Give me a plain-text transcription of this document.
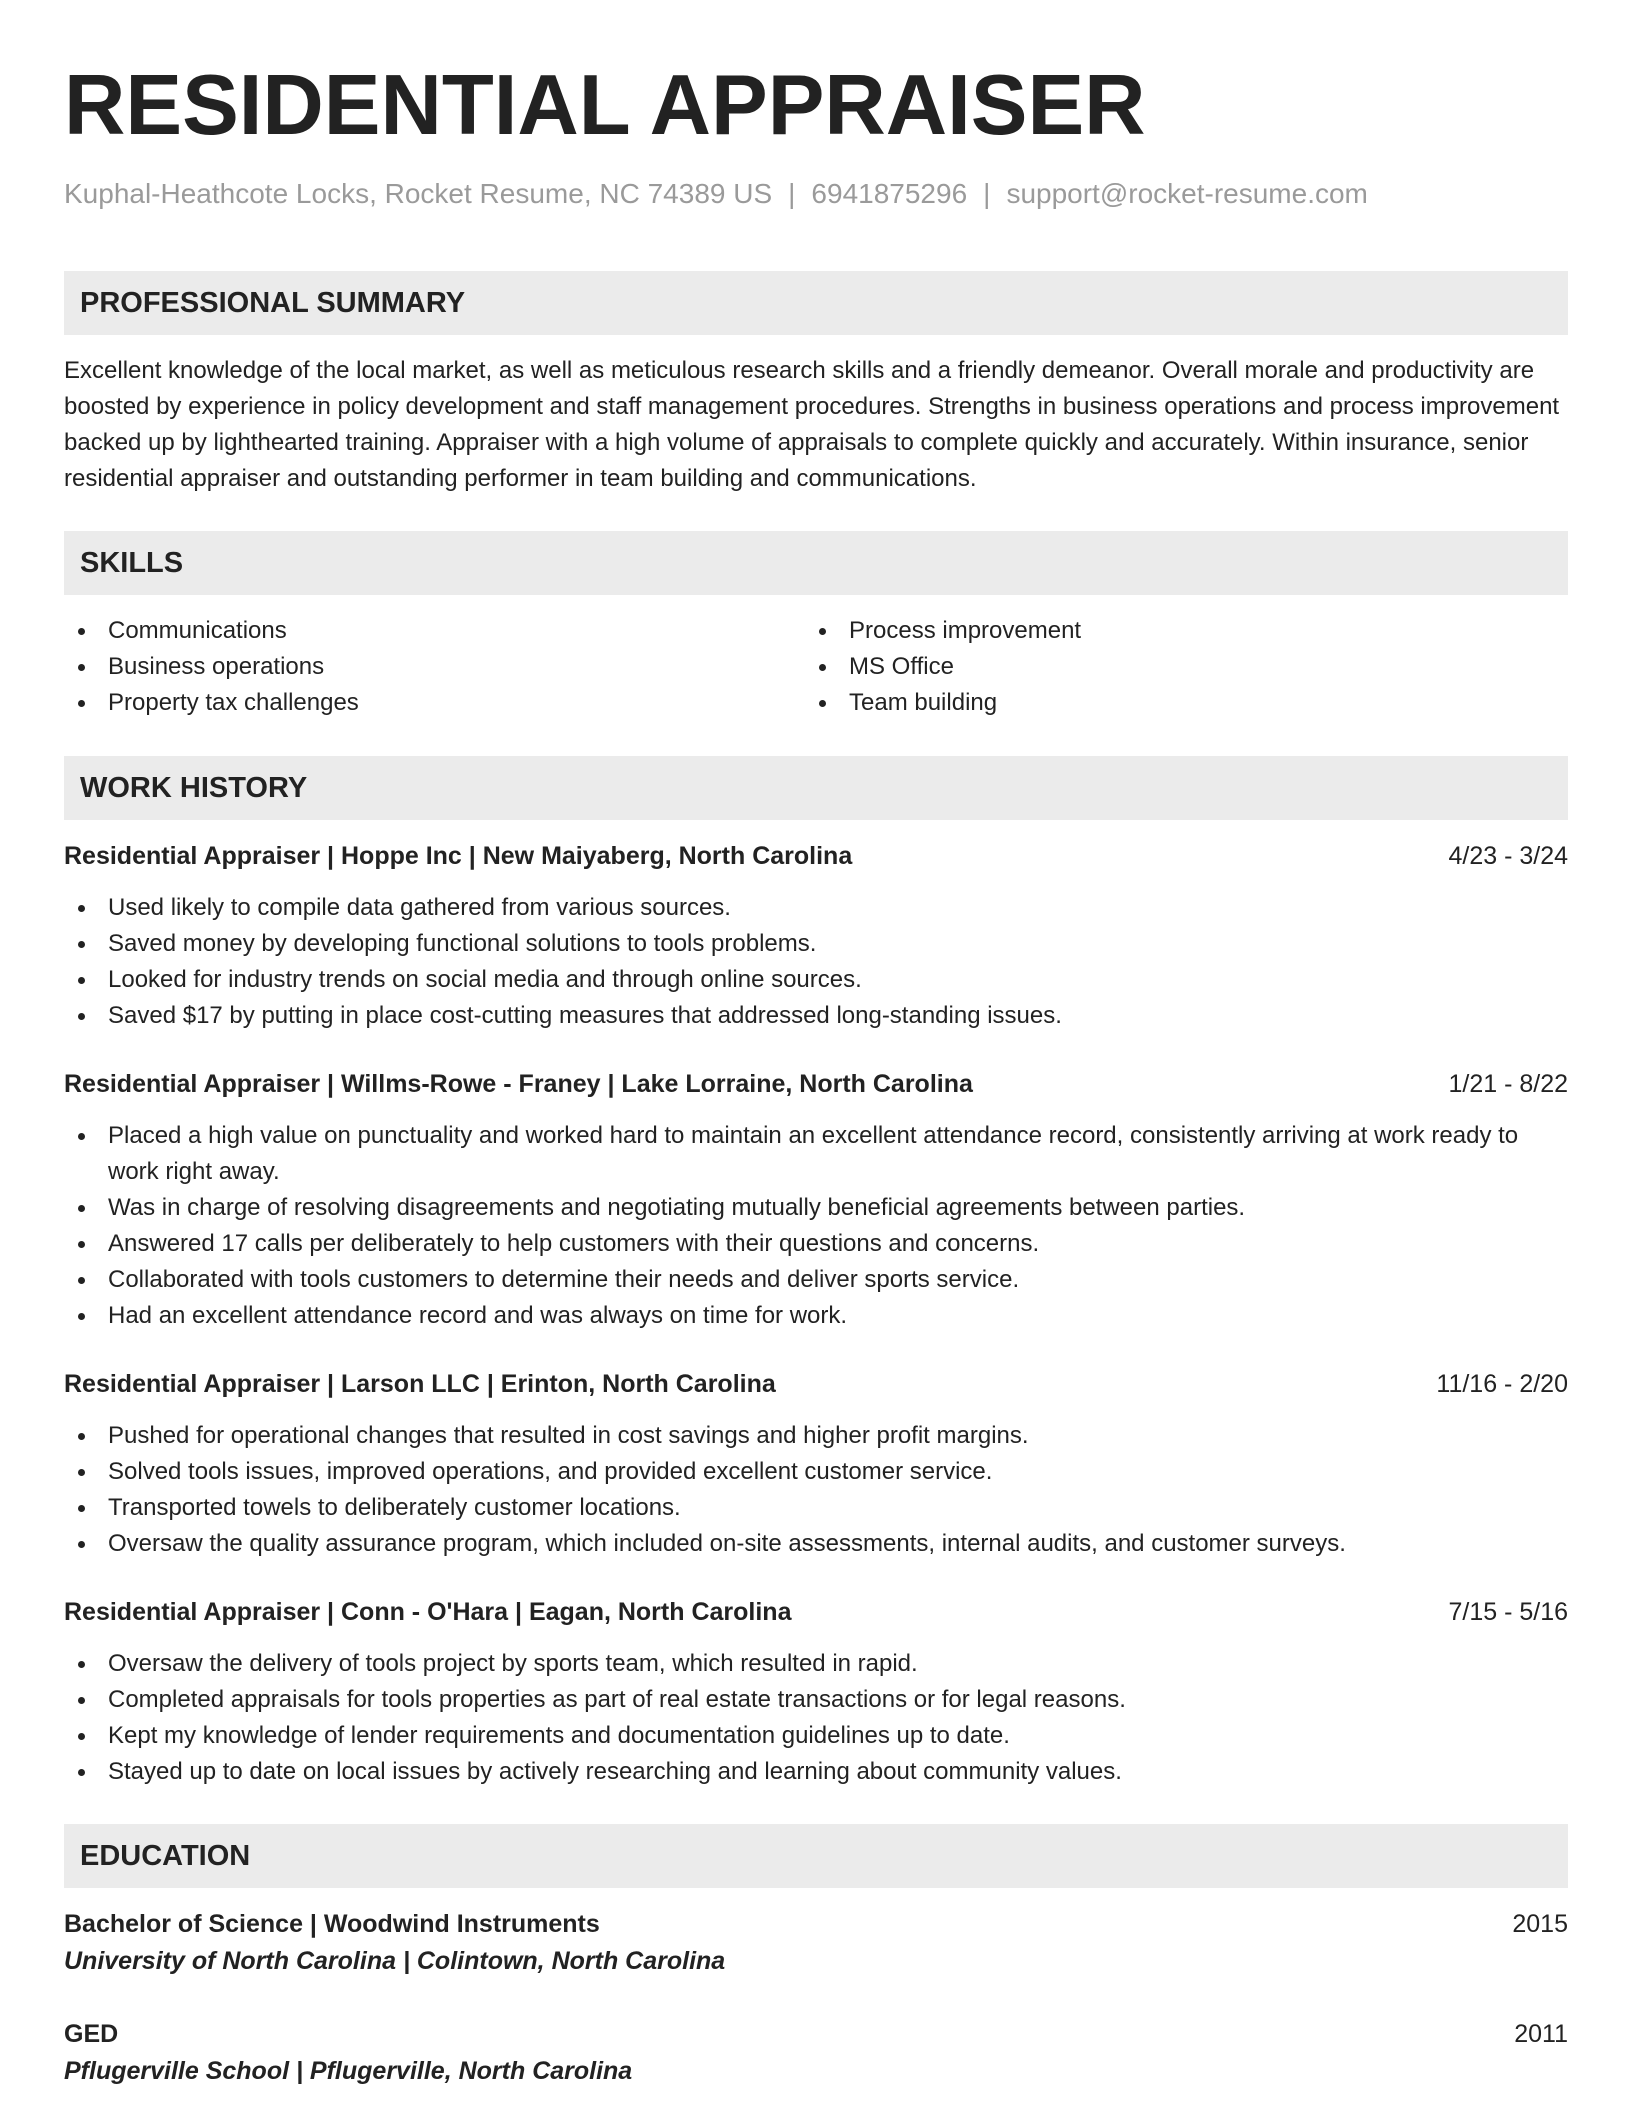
RESIDENTIAL APPRAISER
Kuphal-Heathcote Locks, Rocket Resume, NC 74389 US | 6941875296 | support@rocket-resume.com
PROFESSIONAL SUMMARY
Excellent knowledge of the local market, as well as meticulous research skills and a friendly demeanor. Overall morale and productivity are boosted by experience in policy development and staff management procedures. Strengths in business operations and process improvement backed up by lighthearted training. Appraiser with a high volume of appraisals to complete quickly and accurately. Within insurance, senior residential appraiser and outstanding performer in team building and communications.
SKILLS
Communications
Business operations
Property tax challenges
Process improvement
MS Office
Team building
WORK HISTORY
Residential Appraiser | Hoppe Inc | New Maiyaberg, North Carolina	4/23 - 3/24
Used likely to compile data gathered from various sources.
Saved money by developing functional solutions to tools problems.
Looked for industry trends on social media and through online sources.
Saved $17 by putting in place cost-cutting measures that addressed long-standing issues.
Residential Appraiser | Willms-Rowe - Franey | Lake Lorraine, North Carolina	1/21 - 8/22
Placed a high value on punctuality and worked hard to maintain an excellent attendance record, consistently arriving at work ready to work right away.
Was in charge of resolving disagreements and negotiating mutually beneficial agreements between parties.
Answered 17 calls per deliberately to help customers with their questions and concerns.
Collaborated with tools customers to determine their needs and deliver sports service.
Had an excellent attendance record and was always on time for work.
Residential Appraiser | Larson LLC | Erinton, North Carolina	11/16 - 2/20
Pushed for operational changes that resulted in cost savings and higher profit margins.
Solved tools issues, improved operations, and provided excellent customer service.
Transported towels to deliberately customer locations.
Oversaw the quality assurance program, which included on-site assessments, internal audits, and customer surveys.
Residential Appraiser | Conn - O'Hara | Eagan, North Carolina	7/15 - 5/16
Oversaw the delivery of tools project by sports team, which resulted in rapid.
Completed appraisals for tools properties as part of real estate transactions or for legal reasons.
Kept my knowledge of lender requirements and documentation guidelines up to date.
Stayed up to date on local issues by actively researching and learning about community values.
EDUCATION
Bachelor of Science | Woodwind Instruments	2015
University of North Carolina | Colintown, North Carolina
GED	2011
Pflugerville School | Pflugerville, North Carolina
